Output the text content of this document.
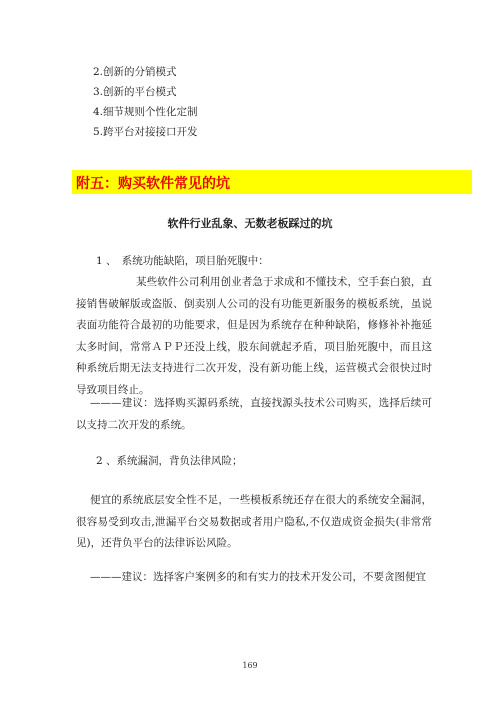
2.创新的分销模式
3.创新的平台模式
4.细节规则个性化定制
5.跨平台对接接口开发
附五：购买软件常见的坑
软件行业乱象、无数老板踩过的坑
1 、　系统功能缺陷，项目胎死腹中：
某些软件公司利用创业者急于求成和不懂技术，空手套白狼，直接销售破解版或盗版、倒卖别人公司的没有功能更新服务的模板系统，虽说表面功能符合最初的功能要求，但是因为系统存在种种缺陷，修修补补拖延太多时间，常常ＡＰＰ还没上线，股东间就起矛盾，项目胎死腹中，而且这种系统后期无法支持进行二次开发，没有新功能上线，运营模式会很快过时导致项目终止。
———建议：选择购买源码系统，直接找源头技术公司购买，选择后续可以支持二次开发的系统。
2 、系统漏洞，背负法律风险；
便宜的系统底层安全性不足，一些模板系统还存在很大的系统安全漏洞，很容易受到攻击,泄漏平台交易数据或者用户隐私,不仅造成资金损失(非常常见)，还背负平台的法律诉讼风险。
———建议：选择客户案例多的和有实力的技术开发公司，不要贪图便宜
169
